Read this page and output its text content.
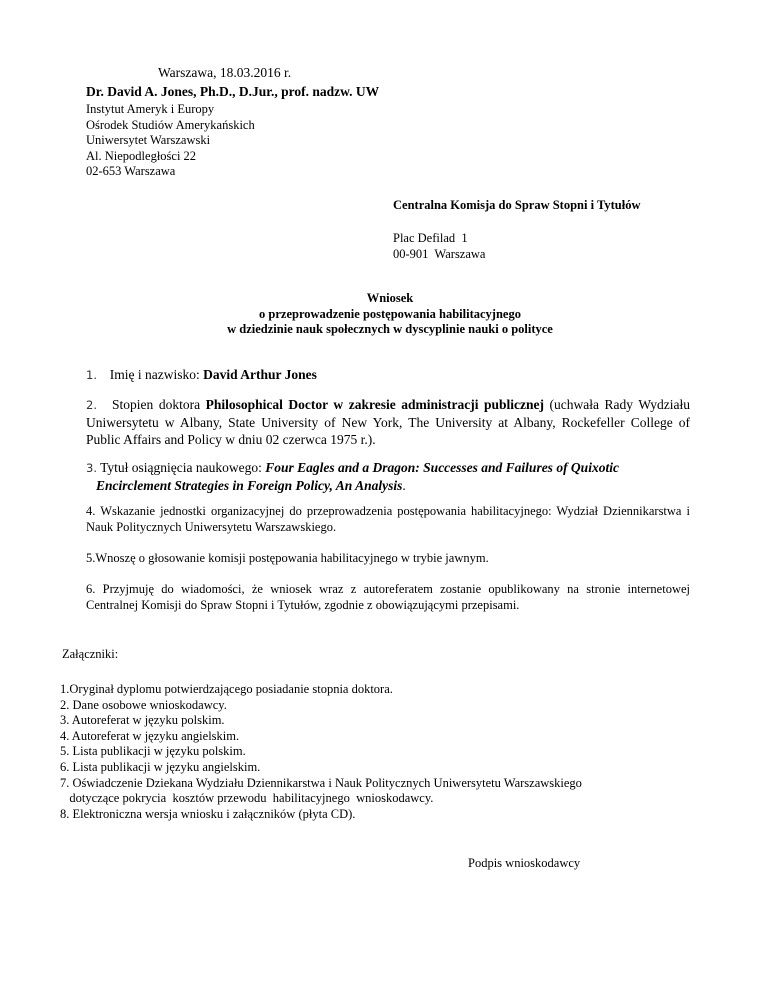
Warszawa, 18.03.2016 r.
Dr. David A. Jones, Ph.D., D.Jur., prof. nadzw. UW
Instytut Ameryk i Europy
Ośrodek Studiów Amerykańskich
Uniwersytet Warszawski
Al. Niepodległości 22
02-653 Warszawa
Centralna Komisja do Spraw Stopni i Tytułów
Plac Defilad  1
00-901  Warszawa
Wniosek
o przeprowadzenie postępowania habilitacyjnego
w dziedzinie nauk społecznych w dyscyplinie nauki o polityce
1. Imię i nazwisko: David Arthur Jones
2. Stopien doktora Philosophical Doctor w zakresie administracji publicznej (uchwała Rady Wydziału Uniwersytetu w Albany, State University of New York, The University at Albany, Rockefeller College of Public Affairs and Policy w dniu 02 czerwca 1975 r.).
3. Tytuł osiągnięcia naukowego: Four Eagles and a Dragon: Successes and Failures of Quixotic
Encirclement Strategies in Foreign Policy, An Analysis.
4. Wskazanie jednostki organizacyjnej do przeprowadzenia postępowania habilitacyjnego: Wydział Dziennikarstwa i Nauk Politycznych Uniwersytetu Warszawskiego.
5.Wnoszę o głosowanie komisji postępowania habilitacyjnego w trybie jawnym.
6. Przyjmuję do wiadomości, że wniosek wraz z autoreferatem zostanie opublikowany na stronie internetowej Centralnej Komisji do Spraw Stopni i Tytułów, zgodnie z obowiązującymi przepisami.
Załączniki:
1.Oryginał dyplomu potwierdzającego posiadanie stopnia doktora.
2. Dane osobowe wnioskodawcy.
3. Autoreferat w języku polskim.
4. Autoreferat w języku angielskim.
5. Lista publikacji w języku polskim.
6. Lista publikacji w języku angielskim.
7. Oświadczenie Dziekana Wydziału Dziennikarstwa i Nauk Politycznych Uniwersytetu Warszawskiego
dotyczące pokrycia  kosztów przewodu  habilitacyjnego  wnioskodawcy.
8. Elektroniczna wersja wniosku i załączników (płyta CD).
Podpis wnioskodawcy
